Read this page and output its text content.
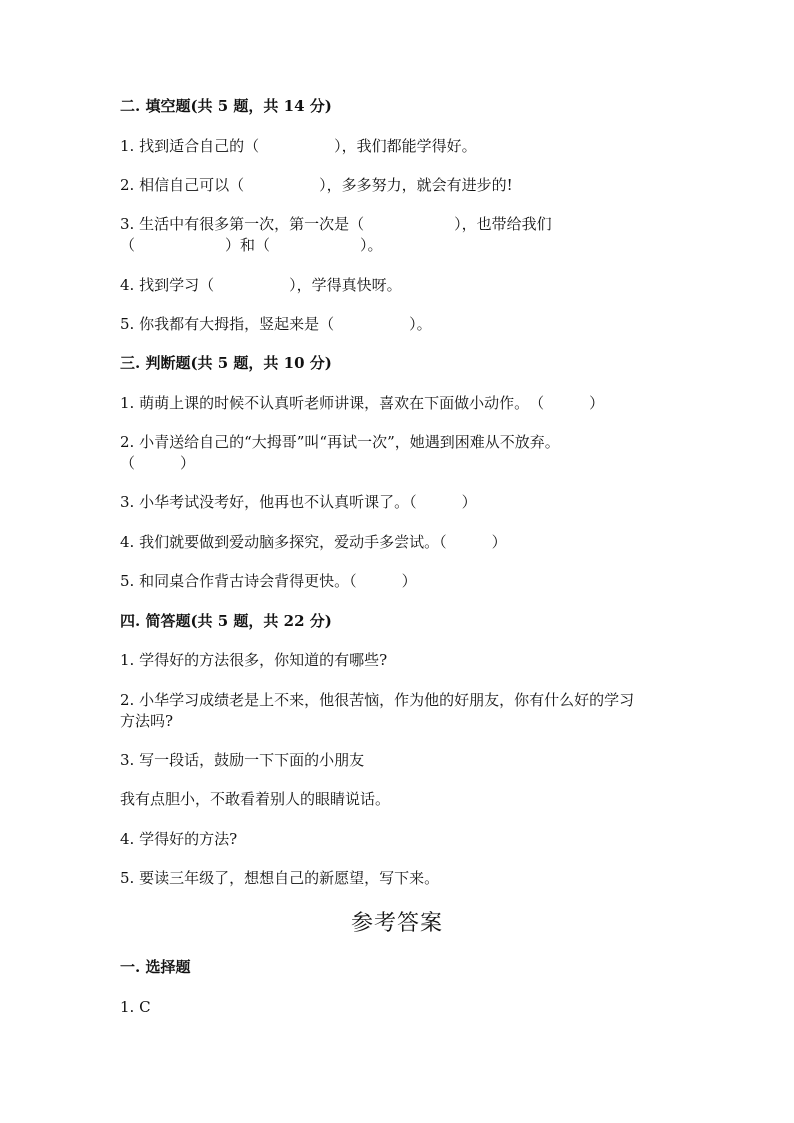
二. 填空题(共 5 题，共 14 分)
1. 找到适合自己的（　　　　　），我们都能学得好。
2. 相信自己可以（　　　　　），多多努力，就会有进步的!
3. 生活中有很多第一次，第一次是（　　　　　　），也带给我们
（　　　　　　）和（　　　　　　）。
4. 找到学习（　　　　　），学得真快呀。
5. 你我都有大拇指，竖起来是（　　　　　）。
三. 判断题(共 5 题，共 10 分)
1. 萌萌上课的时候不认真听老师讲课，喜欢在下面做小动作。　（　　　）
2. 小青送给自己的“大拇哥”叫“再试一次”，她遇到困难从不放弃。
（　　　）
3. 小华考试没考好，他再也不认真听课了。（　　　）
4. 我们就要做到爱动脑多探究，爱动手多尝试。（　　　）
5. 和同桌合作背古诗会背得更快。（　　　）
四. 简答题(共 5 题，共 22 分)
1. 学得好的方法很多，你知道的有哪些?
2. 小华学习成绩老是上不来，他很苦恼，作为他的好朋友，你有什么好的学习
方法吗?
3. 写一段话，鼓励一下下面的小朋友
我有点胆小，不敢看着别人的眼睛说话。
4. 学得好的方法?
5. 要读三年级了，想想自己的新愿望，写下来。
参考答案
一. 选择题
1. C
